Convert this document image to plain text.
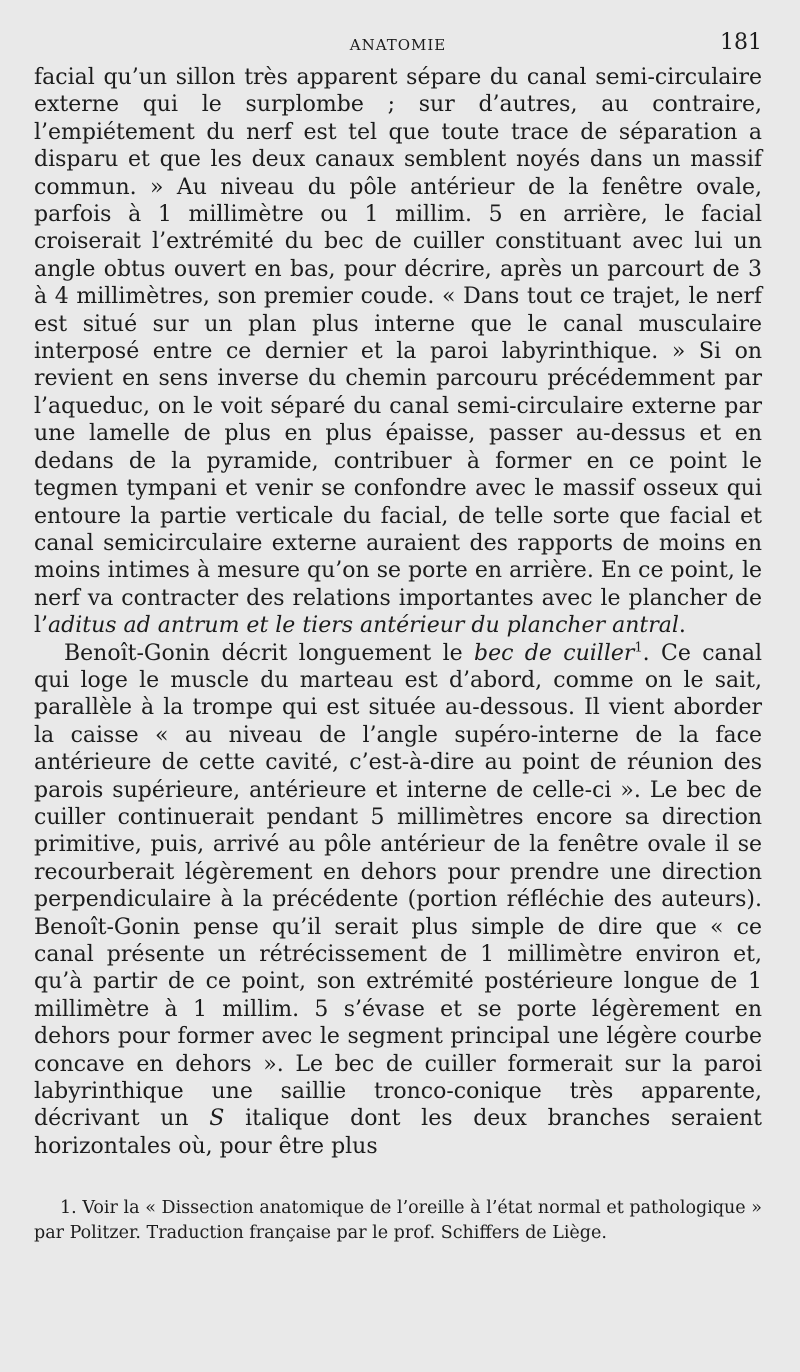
ANATOMIE	181

facial qu’un sillon très apparent sépare du canal semi-circulaire externe qui le surplombe ; sur d’autres, au contraire, l’empiétement du nerf est tel que toute trace de séparation a disparu et que les deux canaux semblent noyés dans un massif commun. » Au niveau du pôle antérieur de la fenêtre ovale, parfois à 1 millimètre ou 1 millim. 5 en arrière, le facial croiserait l’extrémité du bec de cuiller constituant avec lui un angle obtus ouvert en bas, pour décrire, après un parcourt de 3 à 4 millimètres, son premier coude. « Dans tout ce trajet, le nerf est situé sur un plan plus interne que le canal musculaire interposé entre ce dernier et la paroi labyrinthique. » Si on revient en sens inverse du chemin parcouru précédemment par l’aqueduc, on le voit séparé du canal semi-circulaire externe par une lamelle de plus en plus épaisse, passer au-dessus et en dedans de la pyramide, contribuer à former en ce point le tegmen tympani et venir se confondre avec le massif osseux qui entoure la partie verticale du facial, de telle sorte que facial et canal semicirculaire externe auraient des rapports de moins en moins intimes à mesure qu’on se porte en arrière. En ce point, le nerf va contracter des relations importantes avec le plancher de l’aditus ad antrum et le tiers antérieur du plancher antral.

Benoît-Gonin décrit longuement le bec de cuiller$^1$. Ce canal qui loge le muscle du marteau est d’abord, comme on le sait, parallèle à la trompe qui est située au-dessous. Il vient aborder la caisse « au niveau de l’angle supéro-interne de la face antérieure de cette cavité, c’est-à-dire au point de réunion des parois supérieure, antérieure et interne de celle-ci ». Le bec de cuiller continuerait pendant 5 millimètres encore sa direction primitive, puis, arrivé au pôle antérieur de la fenêtre ovale il se recourberait légèrement en dehors pour prendre une direction perpendiculaire à la précédente (portion réfléchie des auteurs). Benoît-Gonin pense qu’il serait plus simple de dire que « ce canal présente un rétrécissement de 1 millimètre environ et, qu’à partir de ce point, son extrémité postérieure longue de 1 millimètre à 1 millim. 5 s’évase et se porte légèrement en dehors pour former avec le segment principal une légère courbe concave en dehors ». Le bec de cuiller formerait sur la paroi labyrinthique une saillie tronco-conique très apparente, décrivant un S italique dont les deux branches seraient horizontales où, pour être plus

1. Voir la « Dissection anatomique de l’oreille à l’état normal et pathologique » par Politzer. Traduction française par le prof. Schiffers de Liège.
